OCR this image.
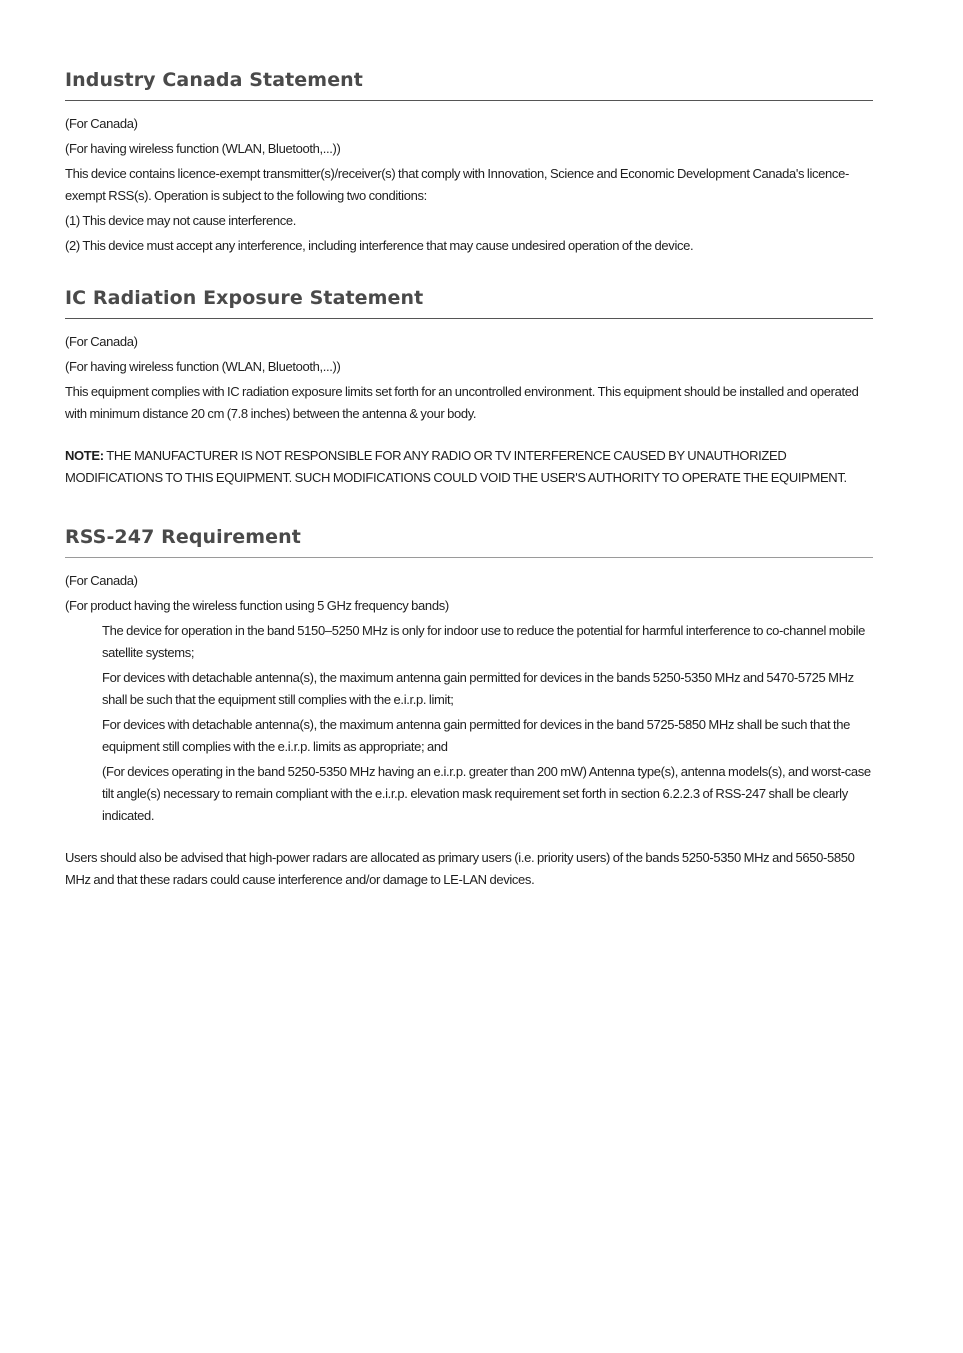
Industry Canada Statement

(For Canada)

(For having wireless function (WLAN, Bluetooth,...))

This device contains licence-exempt transmitter(s)/receiver(s) that comply with Innovation, Science and Economic Development Canada's licence-exempt RSS(s). Operation is subject to the following two conditions:

(1) This device may not cause interference.

(2) This device must accept any interference, including interference that may cause undesired operation of the device.

IC Radiation Exposure Statement

(For Canada)

(For having wireless function (WLAN, Bluetooth,...))

This equipment complies with IC radiation exposure limits set forth for an uncontrolled environment. This equipment should be installed and operated with minimum distance 20 cm (7.8 inches) between the antenna & your body.

NOTE: THE MANUFACTURER IS NOT RESPONSIBLE FOR ANY RADIO OR TV INTERFERENCE CAUSED BY UNAUTHORIZED MODIFICATIONS TO THIS EQUIPMENT. SUCH MODIFICATIONS COULD VOID THE USER'S AUTHORITY TO OPERATE THE EQUIPMENT.

RSS-247 Requirement

(For Canada)

(For product having the wireless function using 5 GHz frequency bands)

The device for operation in the band 5150–5250 MHz is only for indoor use to reduce the potential for harmful interference to co-channel mobile satellite systems;

For devices with detachable antenna(s), the maximum antenna gain permitted for devices in the bands 5250-5350 MHz and 5470-5725 MHz shall be such that the equipment still complies with the e.i.r.p. limit;

For devices with detachable antenna(s), the maximum antenna gain permitted for devices in the band 5725-5850 MHz shall be such that the equipment still complies with the e.i.r.p. limits as appropriate; and

(For devices operating in the band 5250-5350 MHz having an e.i.r.p. greater than 200 mW) Antenna type(s), antenna models(s), and worst-case tilt angle(s) necessary to remain compliant with the e.i.r.p. elevation mask requirement set forth in section 6.2.2.3 of RSS-247 shall be clearly indicated.

Users should also be advised that high-power radars are allocated as primary users (i.e. priority users) of the bands 5250-5350 MHz and 5650-5850 MHz and that these radars could cause interference and/or damage to LE-LAN devices.
